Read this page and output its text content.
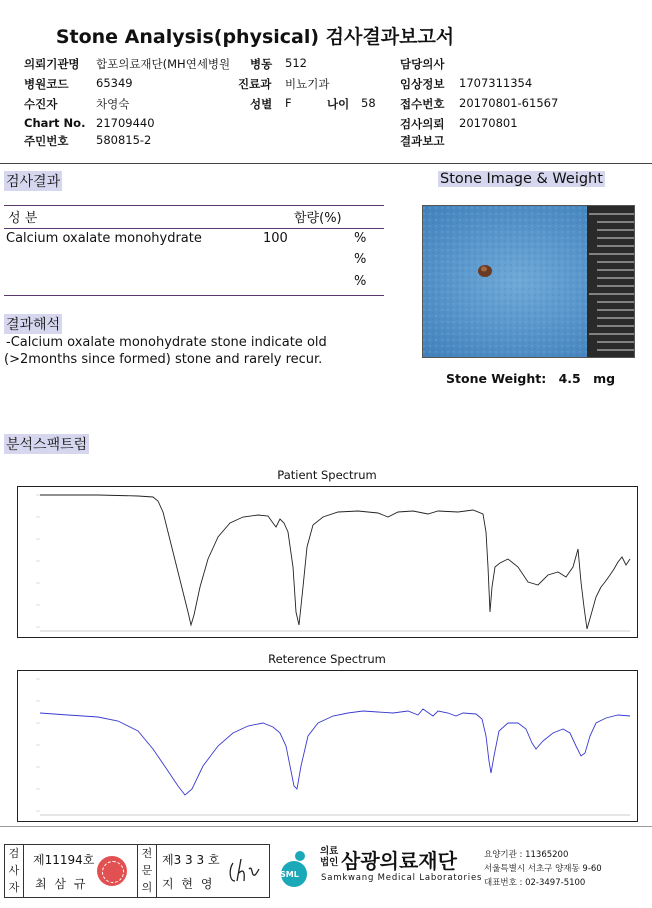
Stone Analysis(physical) 검사결과보고서
의뢰기관명 합포의료재단(MH연세병원 병동 512	담당의사
병원코드 65349	진료과 비뇨기과	임상정보 1707311354
수진자	차영숙	성별 F	나이 58 접수번호 20170801-61567
Chart No. 21709440	검사의뢰 20170801
주민번호 580815-2	결과보고
검사결과
성 분	함량(%)
Calcium oxalate monohydrate	100	%
%
%
결과해석
-Calcium oxalate monohydrate stone indicate old
(>2months since formed) stone and rarely recur.
Stone Image & Weight
Stone Weight: 4.5 mg
분석스팩트럼
Patient Spectrum
Reterence Spectrum
검사자
제11194호
최 삼 규
전문의
제3 3 3 호
지 현 영
SML
의료법인 삼광의료재단
Samkwang Medical Laboratories
요양기관 : 11365200
서울특별시 서초구 양재동 9-60
대표번호 : 02-3497-5100
